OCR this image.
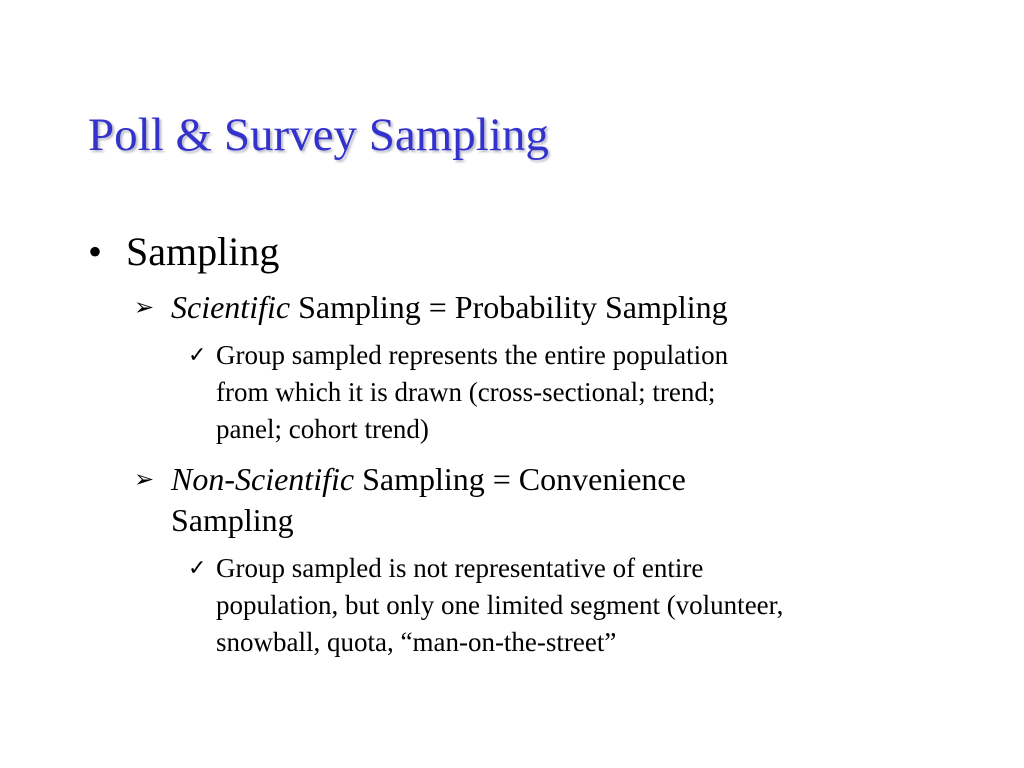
Poll & Survey Sampling
• Sampling
➢ Scientific Sampling = Probability Sampling
✓ Group sampled represents the entire population
from which it is drawn (cross-sectional; trend;
panel; cohort trend)
➢ Non-Scientific Sampling = Convenience
Sampling
✓ Group sampled is not representative of entire
population, but only one limited segment (volunteer,
snowball, quota, “man-on-the-street”
